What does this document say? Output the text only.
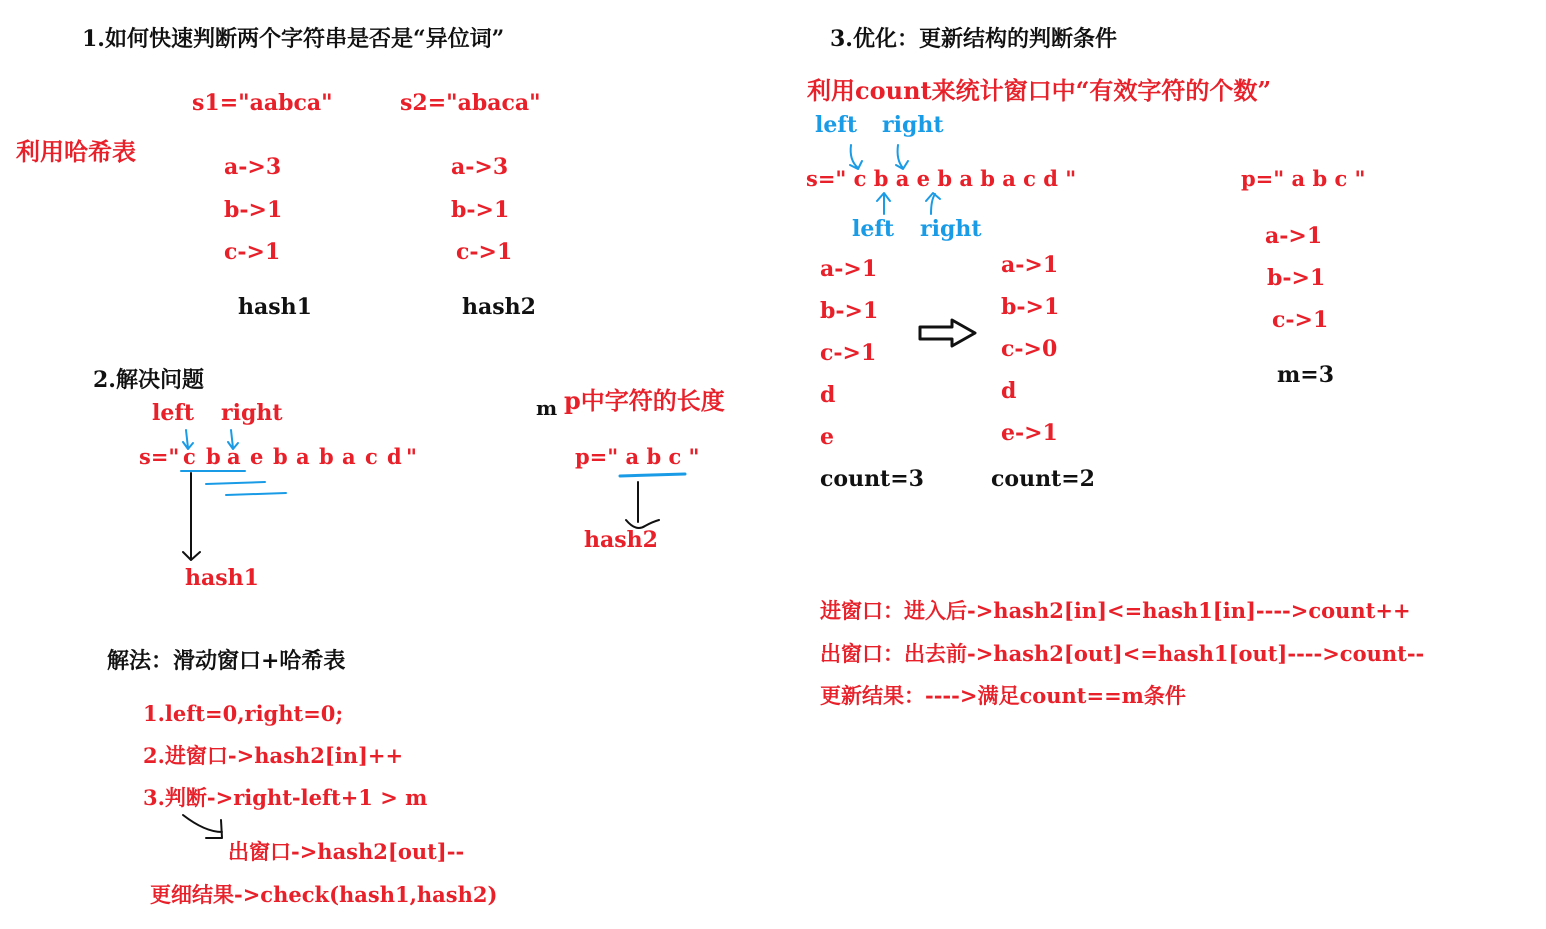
1.如何快速判断两个字符串是否是“异位词”
s1="aabca"	s2="abaca"
利用哈希表
a->3
b->1
c->1
hash1
a->3
b->1
c->1
hash2
2.解决问题
left right
s=" c b a e b a b a c d "
hash1
m p中字符的长度
p=" a b c "
hash2
解法：滑动窗口+哈希表
1.left=0,right=0;
2.进窗口->hash2[in]++
3.判断->right-left+1 > m
出窗口->hash2[out]--
更细结果->check(hash1,hash2)
3.优化：更新结构的判断条件
利用count来统计窗口中“有效字符的个数”
left right
s=" c b a e b a b a c d "
left right
p=" a b c "
a->1
b->1
c->1
d
e
count=3
a->1
b->1
c->0
d
e->1
count=2
a->1
b->1
c->1
m=3
进窗口：进入后->hash2[in]<=hash1[in]---->count++
出窗口：出去前->hash2[out]<=hash1[out]---->count--
更新结果：---->满足count==m条件
